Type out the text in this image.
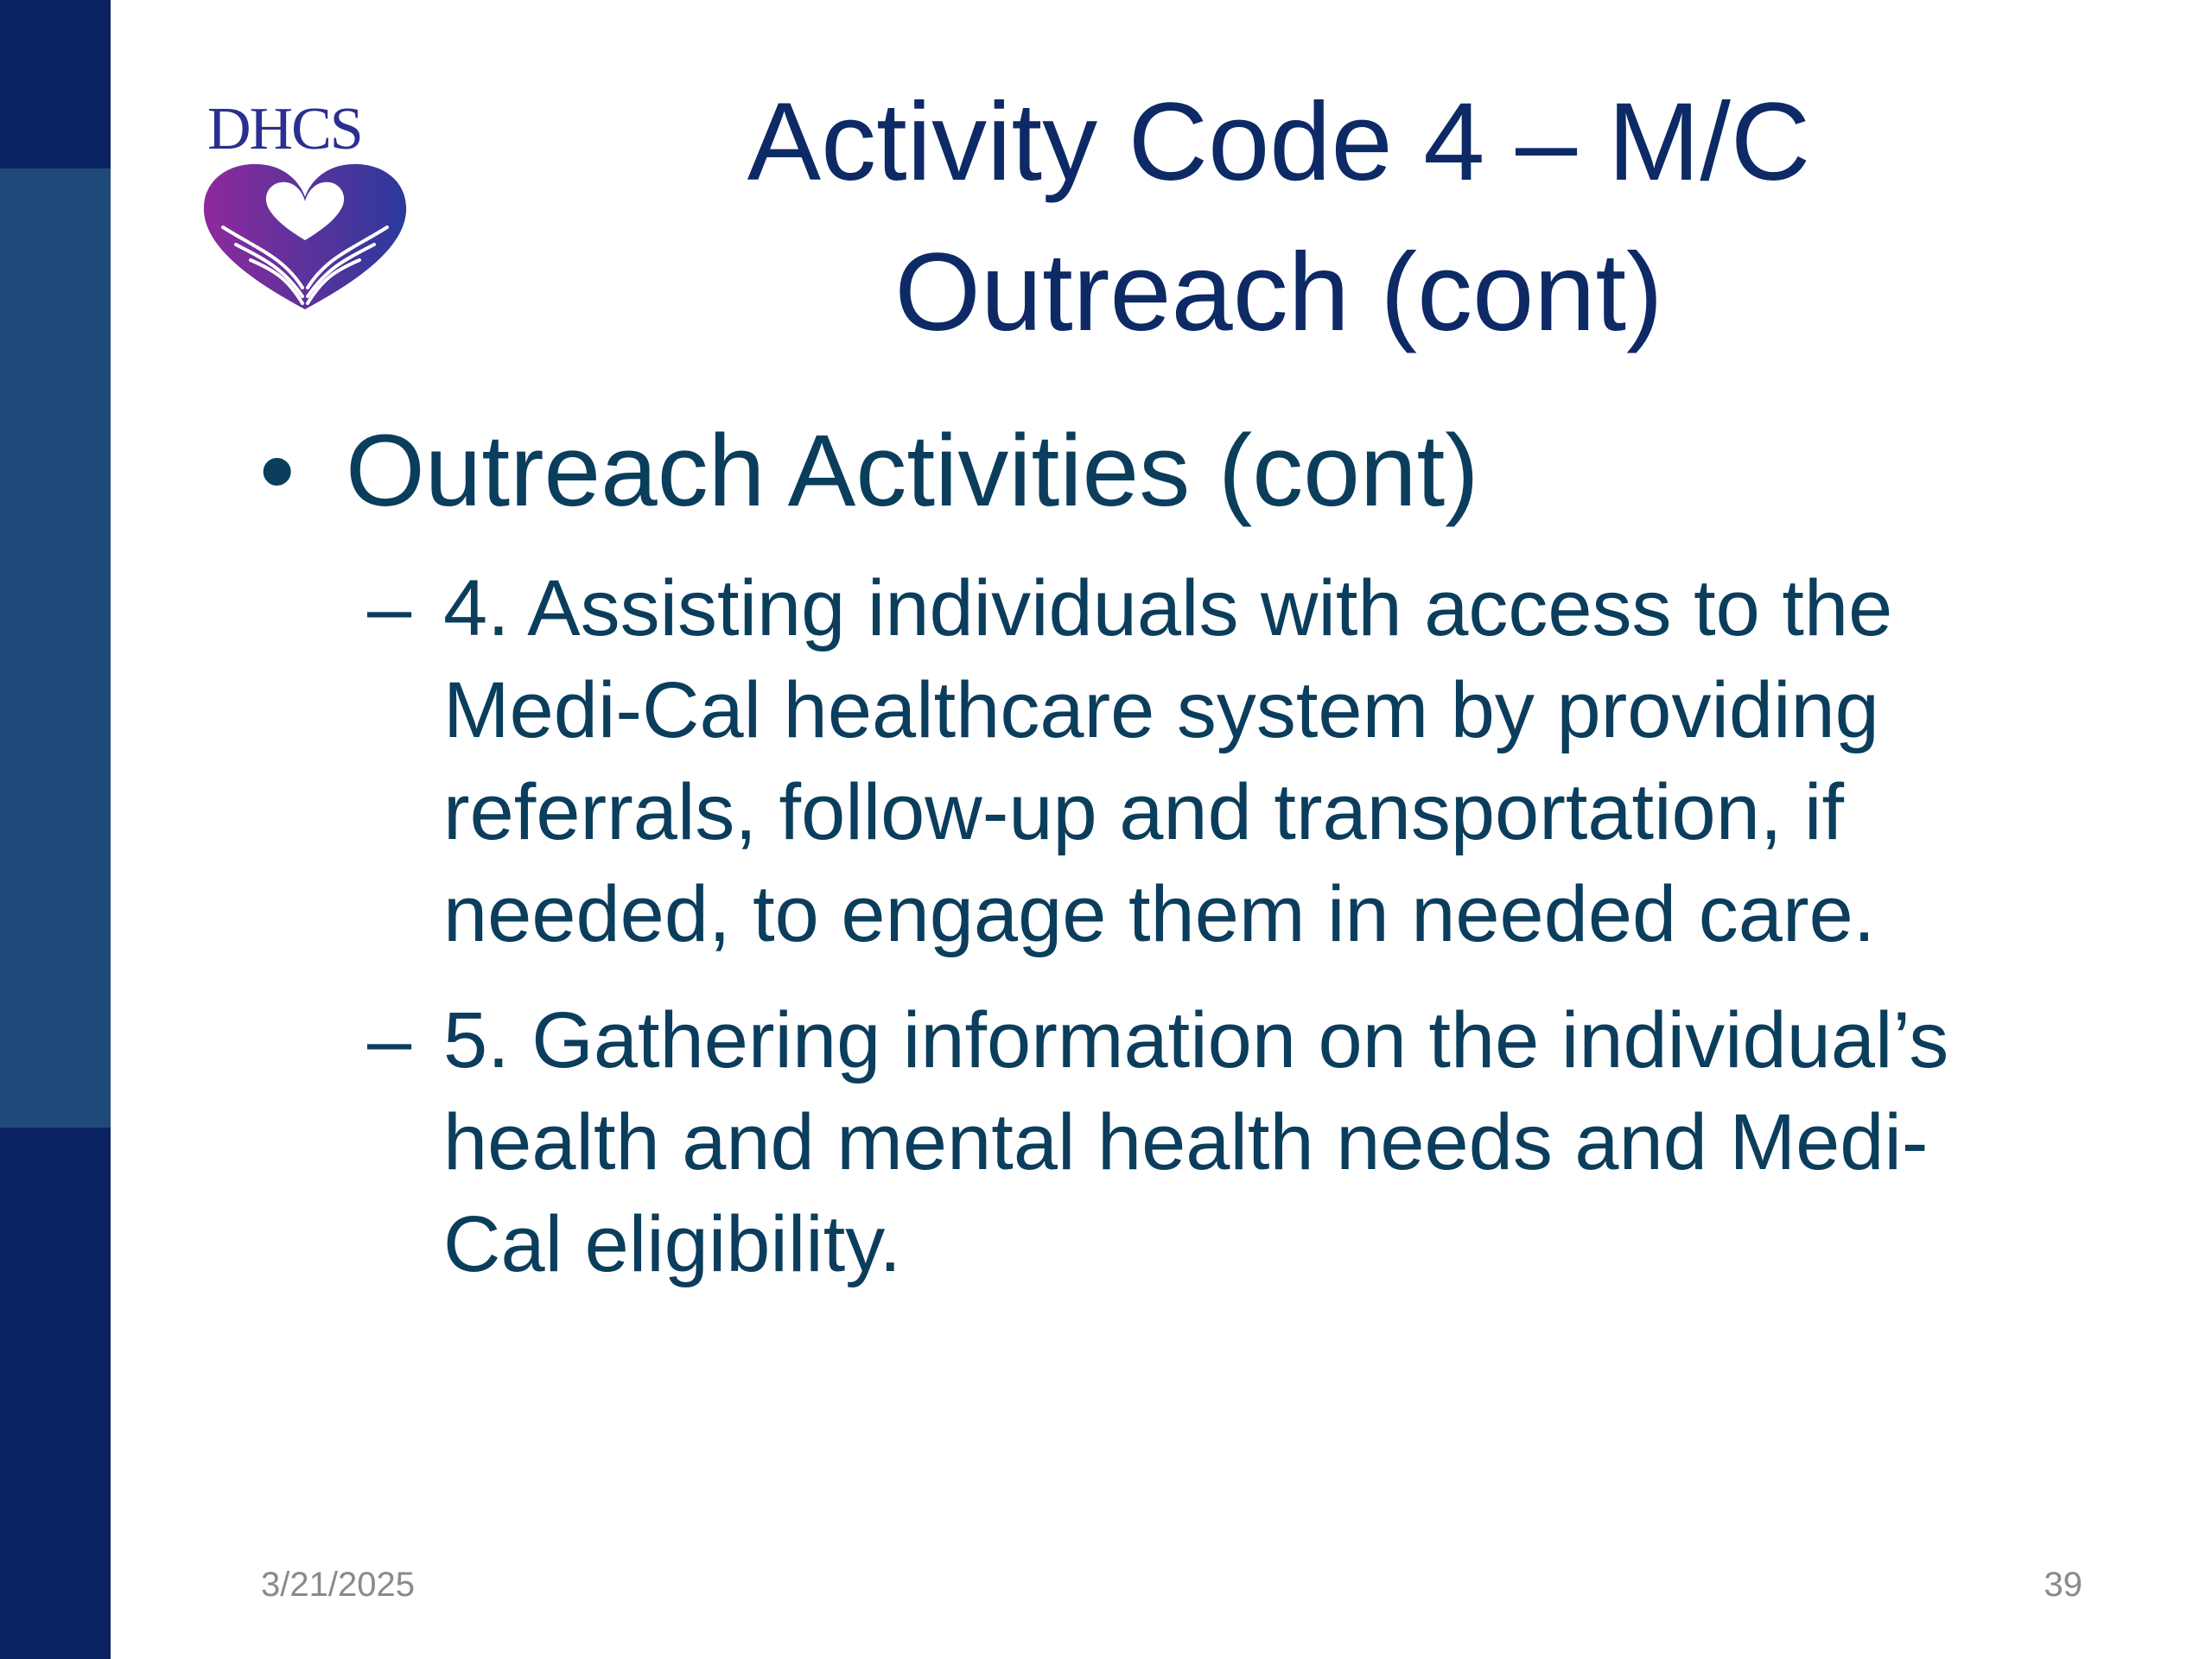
DHCS	Activity Code 4 – M/C
Outreach (cont)
• Outreach Activities (cont)
– 4. Assisting individuals with access to the
Medi-Cal healthcare system by providing
referrals, follow-up and transportation, if
needed, to engage them in needed care.
– 5. Gathering information on the individual’s
health and mental health needs and Medi-
Cal eligibility.
3/21/2025	39
